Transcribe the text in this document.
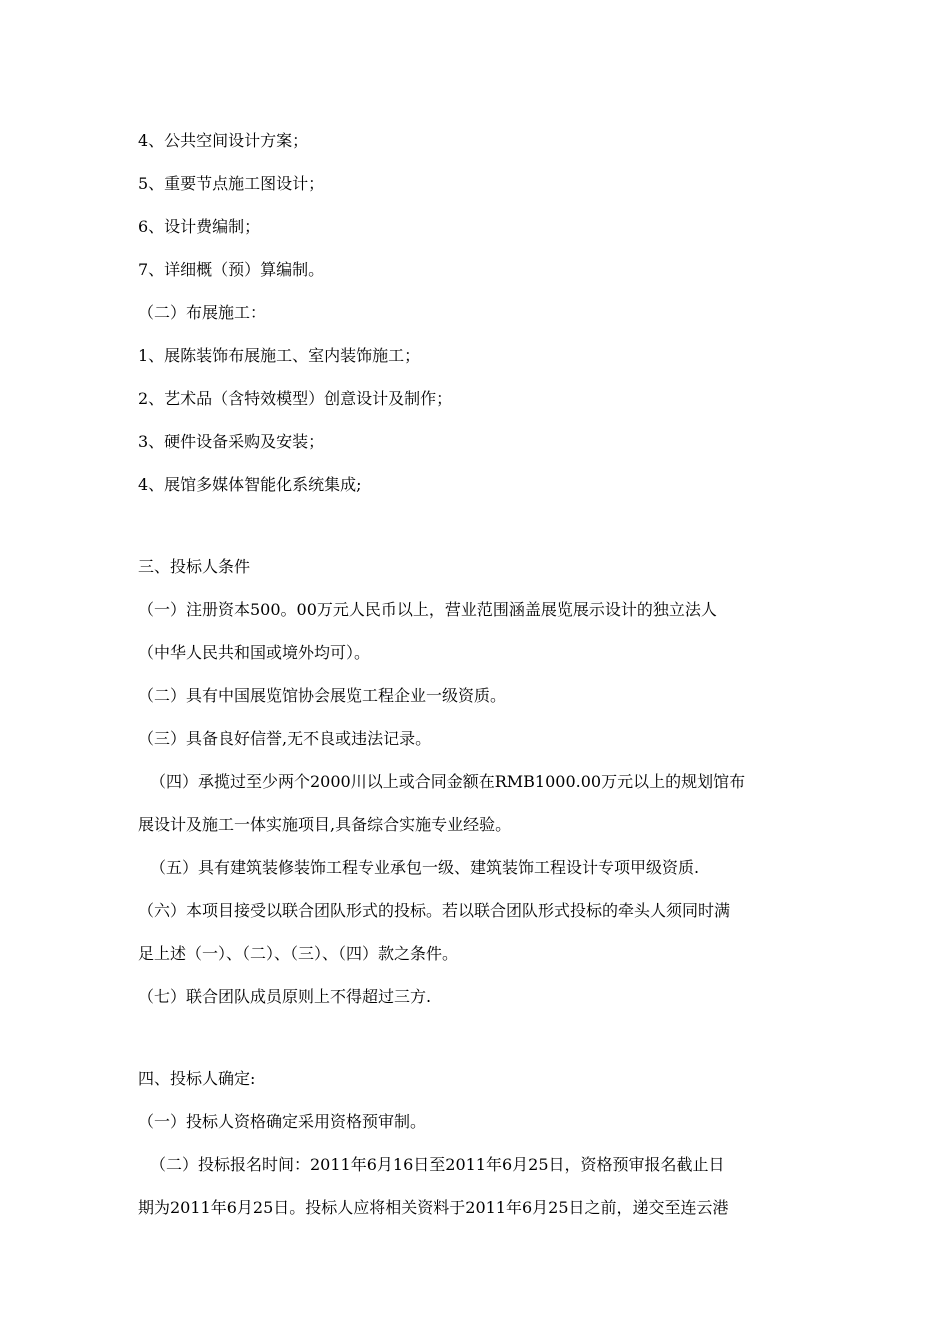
4、公共空间设计方案；
5、重要节点施工图设计；
6、设计费编制；
7、详细概（预）算编制。
（二）布展施工：
1、展陈装饰布展施工、室内装饰施工；
2、艺术品（含特效模型）创意设计及制作；
3、硬件设备采购及安装；
4、展馆多媒体智能化系统集成;
三、投标人条件
（一）注册资本500。00万元人民币以上，营业范围涵盖展览展示设计的独立法人
（中华人民共和国或境外均可）。
（二）具有中国展览馆协会展览工程企业一级资质。
（三）具备良好信誉,无不良或违法记录。
（四）承揽过至少两个2000川以上或合同金额在RMB1000.00万元以上的规划馆布
展设计及施工一体实施项目,具备综合实施专业经验。
（五）具有建筑装修装饰工程专业承包一级、建筑装饰工程设计专项甲级资质.
（六）本项目接受以联合团队形式的投标。若以联合团队形式投标的牵头人须同时满
足上述（一）、（二）、（三）、（四）款之条件。
（七）联合团队成员原则上不得超过三方.
四、投标人确定:
（一）投标人资格确定采用资格预审制。
（二）投标报名时间：2011年6月16日至2011年6月25日，资格预审报名截止日
期为2011年6月25日。投标人应将相关资料于2011年6月25日之前，递交至连云港
